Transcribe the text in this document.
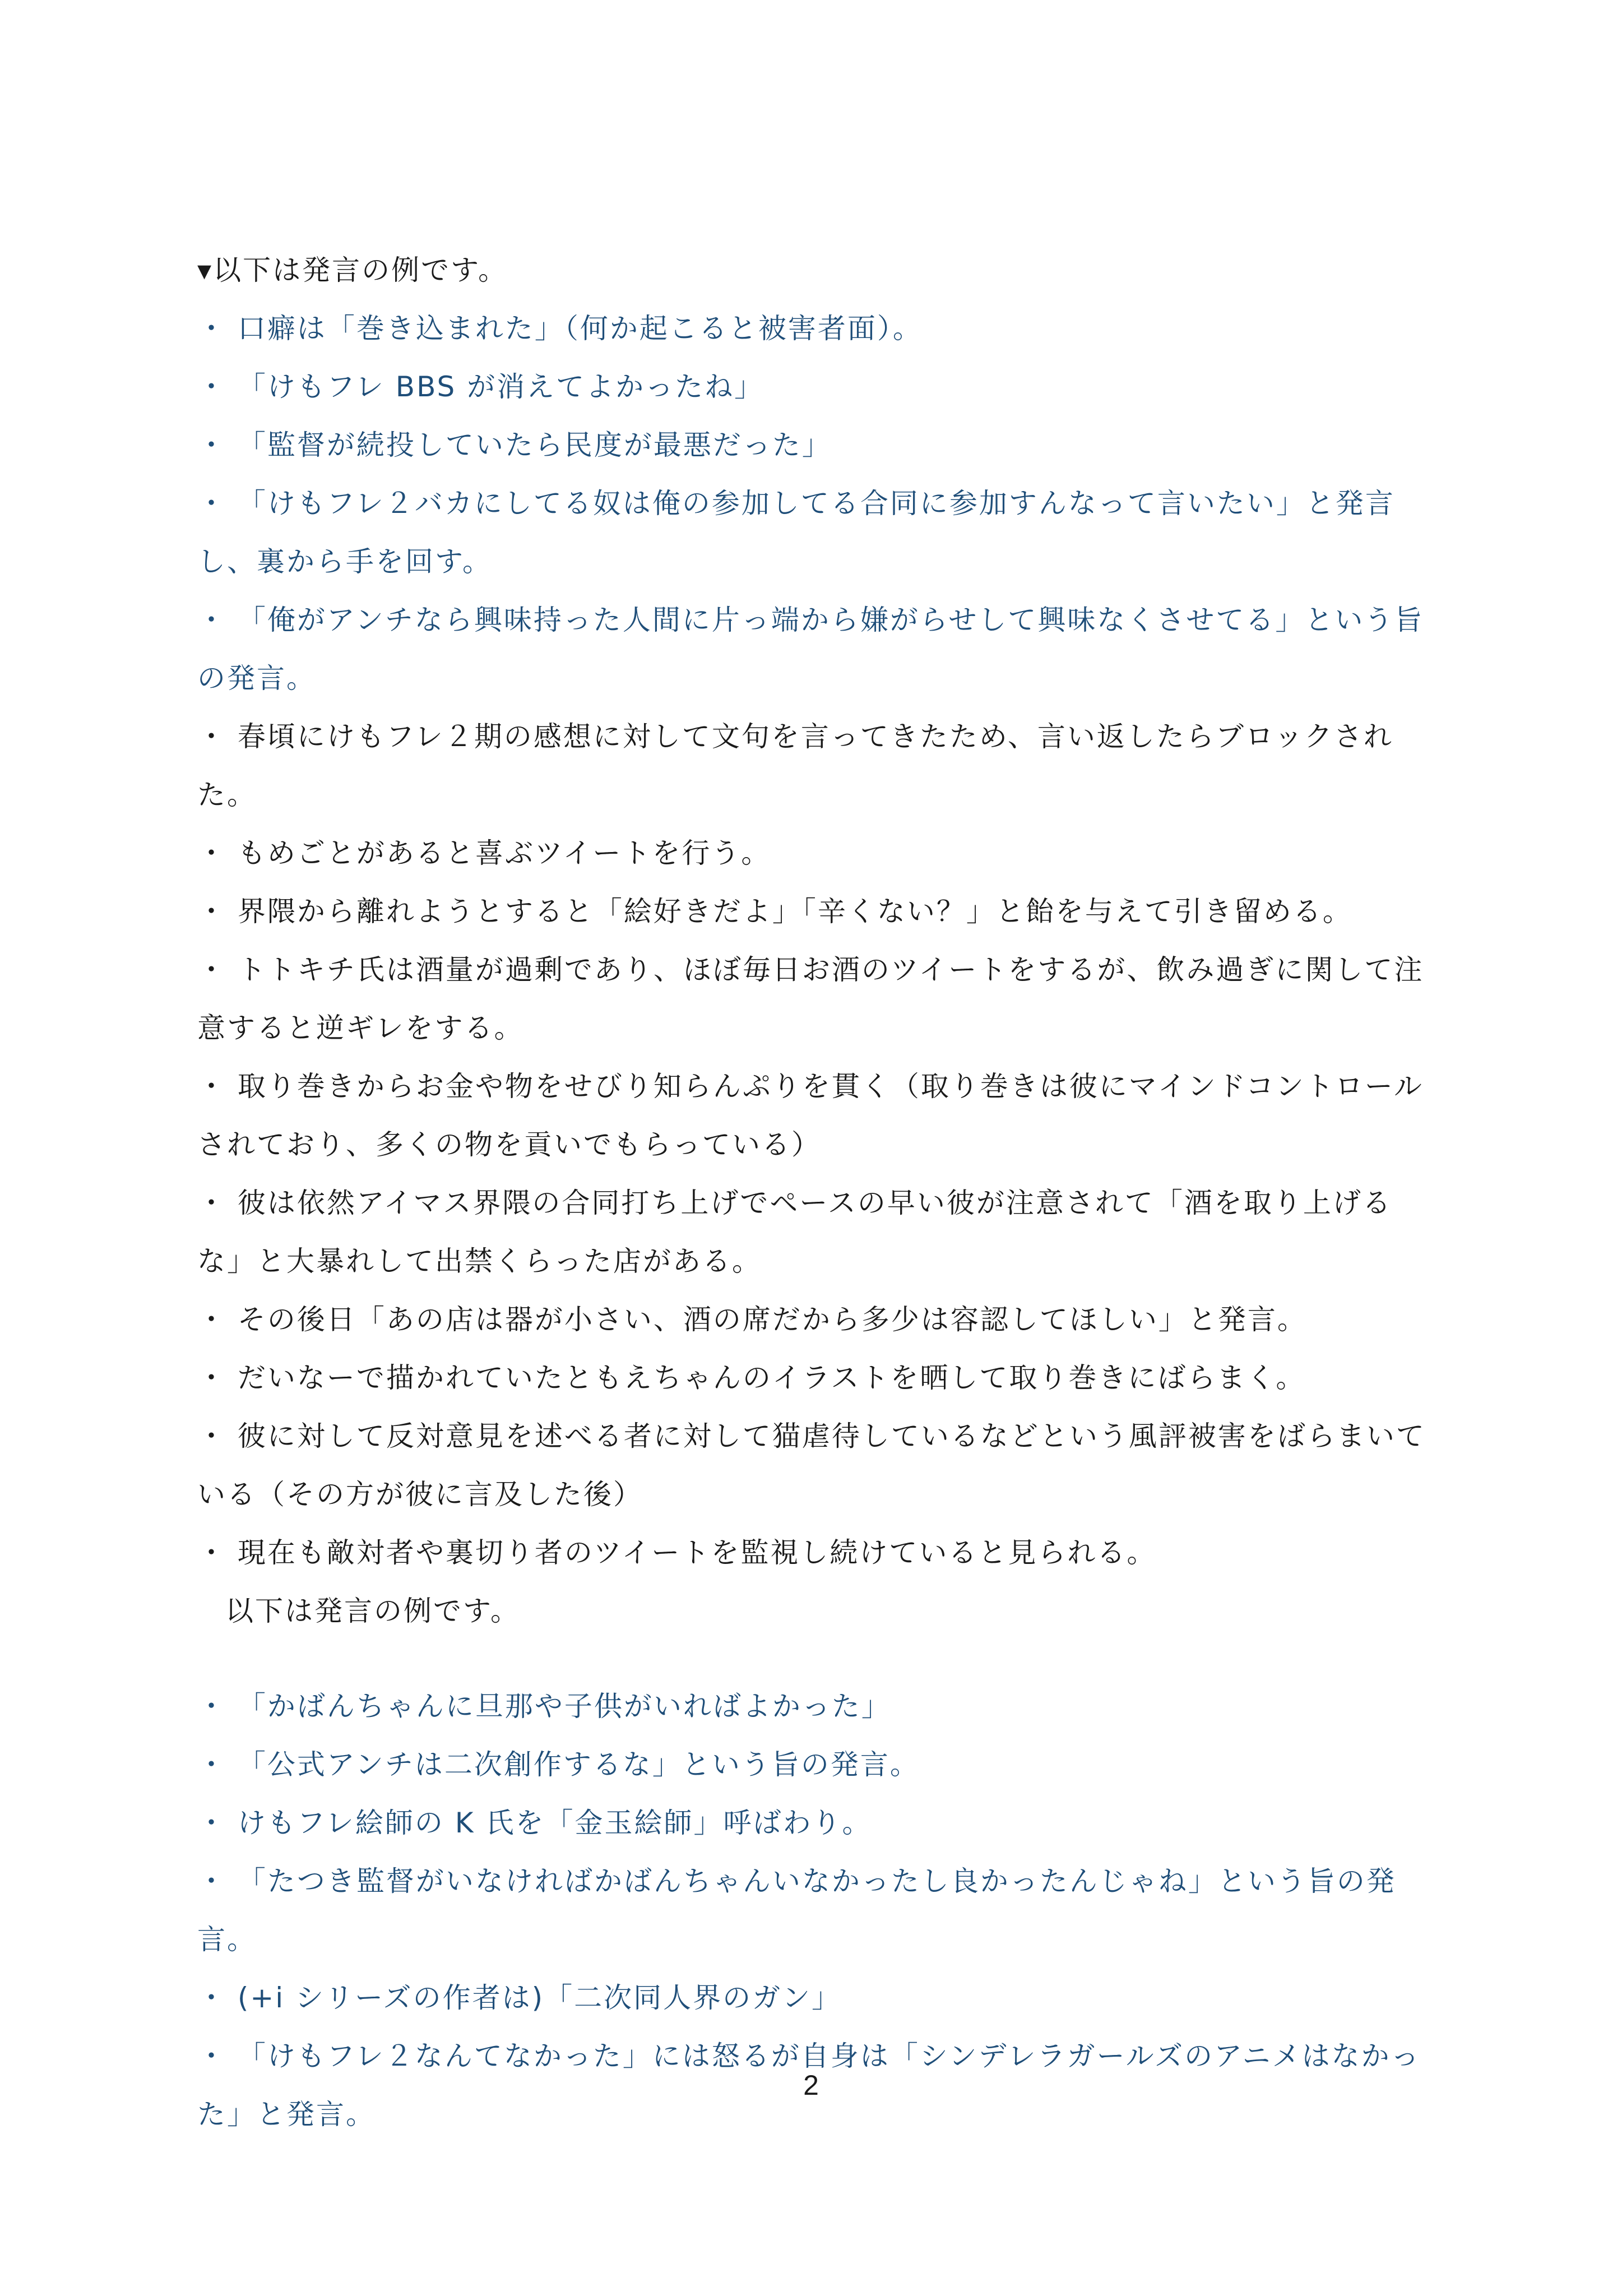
▾以下は発言の例です。

・ 口癖は「巻き込まれた」（何か起こると被害者面）。

・ 「けもフレ BBS が消えてよかったね」

・ 「監督が続投していたら民度が最悪だった」

・ 「けもフレ２バカにしてる奴は俺の参加してる合同に参加すんなって言いたい」と発言し、裏から手を回す。

・ 「俺がアンチなら興味持った人間に片っ端から嫌がらせして興味なくさせてる」という旨の発言。

・ 春頃にけもフレ２期の感想に対して文句を言ってきたため、言い返したらブロックされた。

・ もめごとがあると喜ぶツイートを行う。

・ 界隈から離れようとすると「絵好きだよ」「辛くない？」と飴を与えて引き留める。

・ トトキチ氏は酒量が過剰であり、ほぼ毎日お酒のツイートをするが、飲み過ぎに関して注意すると逆ギレをする。

・ 取り巻きからお金や物をせびり知らんぷりを貫く（取り巻きは彼にマインドコントロールされており、多くの物を貢いでもらっている）

・ 彼は依然アイマス界隈の合同打ち上げでペースの早い彼が注意されて「酒を取り上げるな」と大暴れして出禁くらった店がある。

・ その後日「あの店は器が小さい、酒の席だから多少は容認してほしい」と発言。

・ だいなーで描かれていたともえちゃんのイラストを晒して取り巻きにばらまく。

・ 彼に対して反対意見を述べる者に対して猫虐待しているなどという風評被害をばらまいている（その方が彼に言及した後）

・ 現在も敵対者や裏切り者のツイートを監視し続けていると見られる。

以下は発言の例です。

・ 「かばんちゃんに旦那や子供がいればよかった」

・ 「公式アンチは二次創作するな」という旨の発言。

・ けもフレ絵師の K 氏を「金玉絵師」呼ばわり。

・ 「たつき監督がいなければかばんちゃんいなかったし良かったんじゃね」という旨の発言。

・ (+i シリーズの作者は)「二次同人界のガン」

・ 「けもフレ２なんてなかった」には怒るが自身は「シンデレラガールズのアニメはなかった」と発言。

2
